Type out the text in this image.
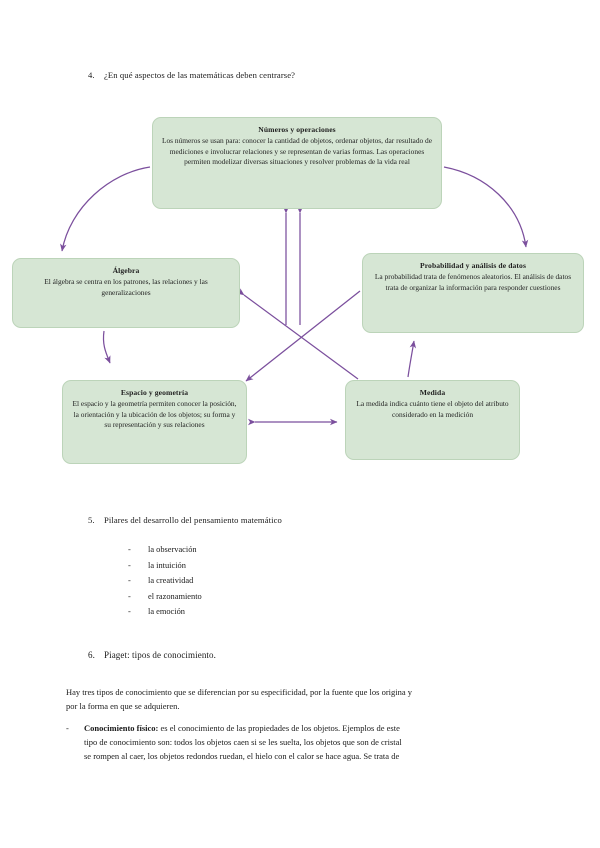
4. ¿En qué aspectos de las matemáticas deben centrarse?
Números y operaciones
Los números se usan para: conocer la cantidad de objetos, ordenar objetos, dar resultado de mediciones e involucrar relaciones y se representan de varias formas. Las operaciones permiten modelizar diversas situaciones y resolver problemas de la vida real
Álgebra
El álgebra se centra en los patrones, las relaciones y las generalizaciones
Probabilidad y análisis de datos
La probabilidad trata de fenómenos aleatorios. El análisis de datos trata de organizar la información para responder cuestiones
Espacio y geometría
El espacio y la geometría permiten conocer la posición, la orientación y la ubicación de los objetos; su forma y su representación y sus relaciones
Medida
La medida indica cuánto tiene el objeto del atributo considerado en la medición
5. Pilares del desarrollo del pensamiento matemático
- la observación
- la intuición
- la creatividad
- el razonamiento
- la emoción
6. Piaget: tipos de conocimiento.
Hay tres tipos de conocimiento que se diferencian por su especificidad, por la fuente que los origina y
por la forma en que se adquieren.
- Conocimiento físico: es el conocimiento de las propiedades de los objetos. Ejemplos de este
tipo de conocimiento son: todos los objetos caen si se les suelta, los objetos que son de cristal
se rompen al caer, los objetos redondos ruedan, el hielo con el calor se hace agua. Se trata de
